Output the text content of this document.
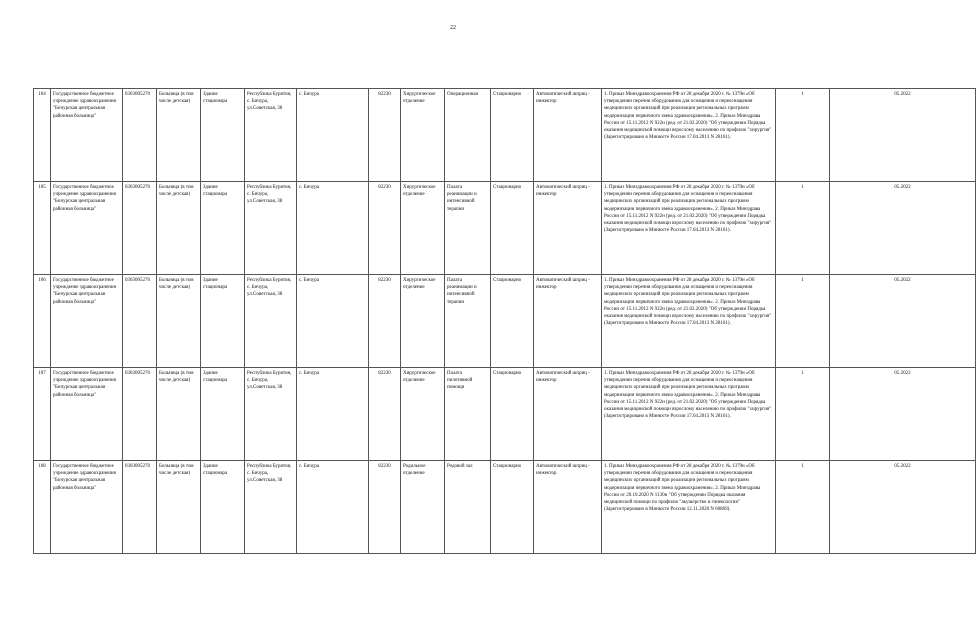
22
104	Государственное бюджетное учреждение здравоохранения "Бичурская центральная районная больница"	0303005270	Больница (в том числе детская)	Здание стационара	Республика Бурятия, с. Бичура, ул.Советская, 38	с. Бичура	82230	Хирургическое отделение	Операционная	Стационарно	Автоматический шприц - инжектор	1. Приказ Минздравоохранения РФ от 28 декабря 2020 г. № 1379н «Об утверждении перечня оборудования для оснащения и переоснащения медицинских организаций при реализации региональных программ модернизации первичного звена здравоохранения». 2. Приказ Минздрава России от 15.11.2012 N 922н (ред. от 21.02.2020) "Об утверждении Порядка оказания медицинской помощи взрослому населению по профилю "хирургия" (Зарегистрировано в Минюсте России 17.04.2013 N 28161).	1	05.2022
105	Государственное бюджетное учреждение здравоохранения "Бичурская центральная районная больница"	0303005270	Больница (в том числе детская)	Здание стационара	Республика Бурятия, с. Бичура, ул.Советская, 38	с. Бичура	82230	Хирургическое отделение	Палата реанимации и интенсивной терапии	Стационарно	Автоматический шприц - инжектор	1. Приказ Минздравоохранения РФ от 28 декабря 2020 г. № 1379н «Об утверждении перечня оборудования для оснащения и переоснащения медицинских организаций при реализации региональных программ модернизации первичного звена здравоохранения». 2. Приказ Минздрава России от 15.11.2012 N 922н (ред. от 21.02.2020) "Об утверждении Порядка оказания медицинской помощи взрослому населению по профилю "хирургия" (Зарегистрировано в Минюсте России 17.04.2013 N 28161).	1	05.2022
106	Государственное бюджетное учреждение здравоохранения "Бичурская центральная районная больница"	0303005270	Больница (в том числе детская)	Здание стационара	Республика Бурятия, с. Бичура, ул.Советская, 38	с. Бичура	82230	Хирургическое отделение	Палата реанимации и интенсивной терапии	Стационарно	Автоматический шприц - инжектор	1. Приказ Минздравоохранения РФ от 28 декабря 2020 г. № 1379н «Об утверждении перечня оборудования для оснащения и переоснащения медицинских организаций при реализации региональных программ модернизации первичного звена здравоохранения». 2. Приказ Минздрава России от 15.11.2012 N 922н (ред. от 21.02.2020) "Об утверждении Порядка оказания медицинской помощи взрослому населению по профилю "хирургия" (Зарегистрировано в Минюсте России 17.04.2013 N 28161).	1	05.2022
107	Государственное бюджетное учреждение здравоохранения "Бичурская центральная районная больница"	0303005270	Больница (в том числе детская)	Здание стационара	Республика Бурятия, с. Бичура, ул.Советская, 38	с. Бичура	82230	Хирургическое отделение	Палата пилотивной помощи	Стационарно	Автоматический шприц - инжектор	1. Приказ Минздравоохранения РФ от 28 декабря 2020 г. № 1379н «Об утверждении перечня оборудования для оснащения и переоснащения медицинских организаций при реализации региональных программ модернизации первичного звена здравоохранения». 2. Приказ Минздрава России от 15.11.2012 N 922н (ред. от 21.02.2020) "Об утверждении Порядка оказания медицинской помощи взрослому населению по профилю "хирургия" (Зарегистрировано в Минюсте России 17.04.2013 N 28161).	1	05.2022
108	Государственное бюджетное учреждение здравоохранения "Бичурская центральная районная больница"	0303005270	Больница (в том числе детская)	Здание стационара	Республика Бурятия, с. Бичура, ул.Советская, 38	с. Бичура	82230	Родильное отделение	Родовой зал	Стационарно	Автоматический шприц - инжектор	1. Приказ Минздравоохранения РФ от 28 декабря 2020 г. № 1379н «Об утверждении перечня оборудования для оснащения и переоснащения медицинских организаций при реализации региональных программ модернизации первичного звена здравоохранения». 2. Приказ Минздрава России от 20.10.2020 N 1130н "Об утверждении Порядка оказания медицинской помощи по профилю "акушерство и гинекология" (Зарегистрировано в Минюсте России 12.11.2020 N 60869).	1	05.2022
